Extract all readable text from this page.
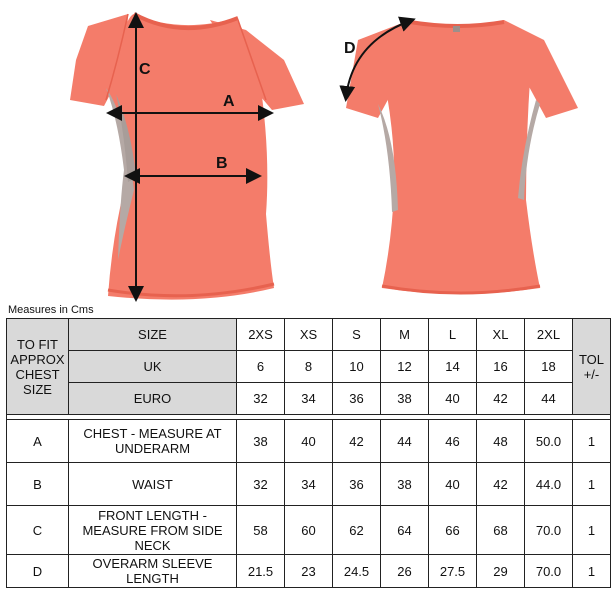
C
A
B
D
Measures in Cms
TO FIT APPROX CHEST SIZE	SIZE	2XS	XS	S	M	L	XL	2XL	TOL +/-
	UK	6	8	10	12	14	16	18	
	EURO	32	34	36	38	40	42	44	

A	CHEST - MEASURE AT UNDERARM	38	40	42	44	46	48	50.0	1
B	WAIST	32	34	36	38	40	42	44.0	1
C	FRONT LENGTH - MEASURE FROM SIDE NECK	58	60	62	64	66	68	70.0	1
D	OVERARM SLEEVE LENGTH	21.5	23	24.5	26	27.5	29	70.0	1
